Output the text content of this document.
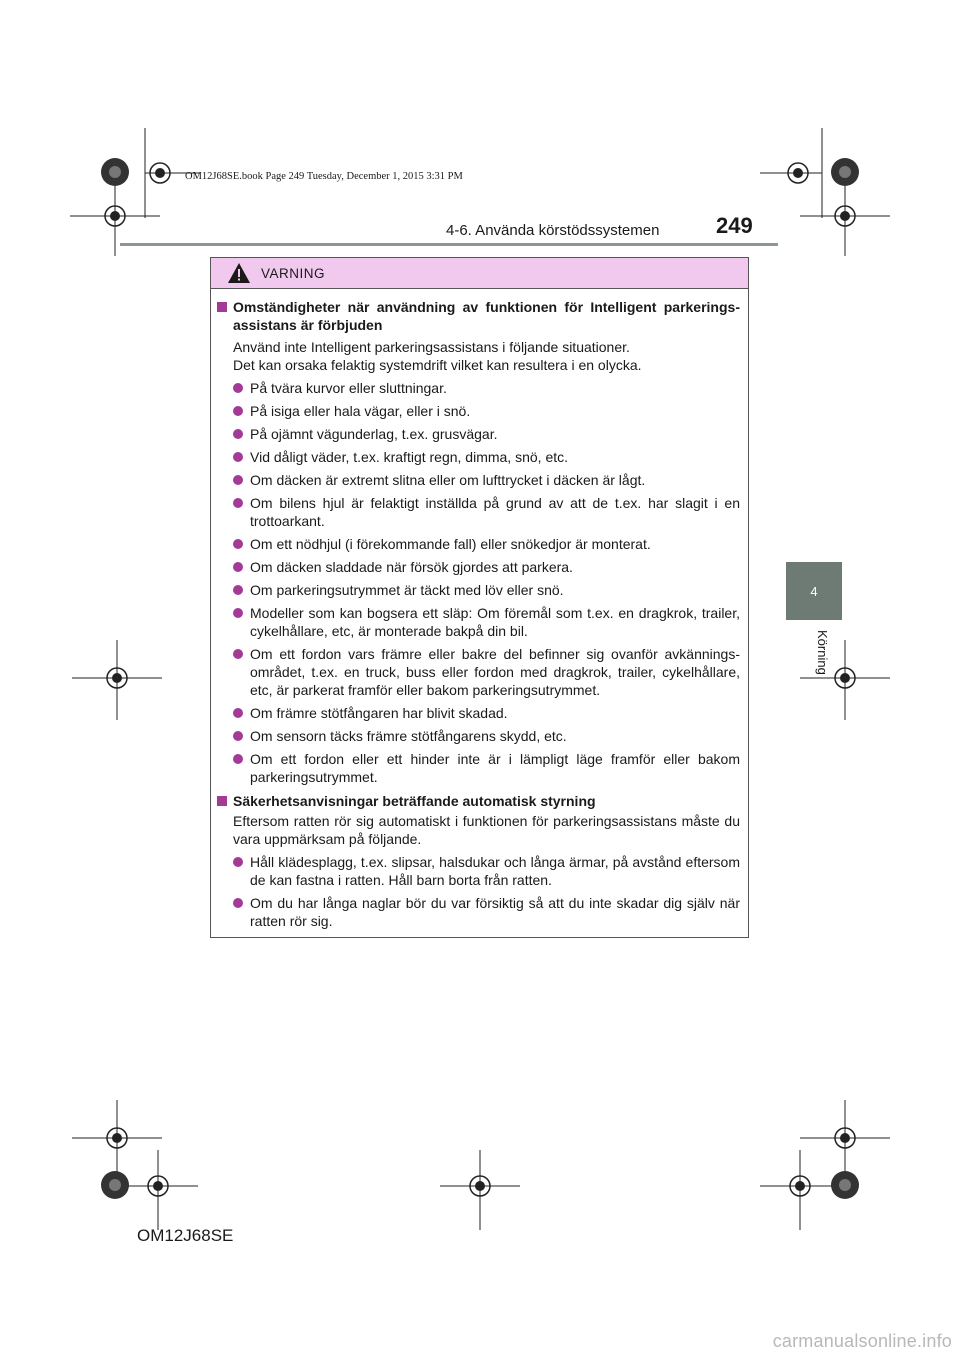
OM12J68SE.book Page 249 Tuesday, December 1, 2015 3:31 PM
4-6. Använda körstödssystemen	249
4
Körning
VARNING
Omständigheter när användning av funktionen för Intelligent parkeringsassistans är förbjuden
Använd inte Intelligent parkeringsassistans i följande situationer.
Det kan orsaka felaktig systemdrift vilket kan resultera i en olycka.
På tvära kurvor eller sluttningar.
På isiga eller hala vägar, eller i snö.
På ojämnt vägunderlag, t.ex. grusvägar.
Vid dåligt väder, t.ex. kraftigt regn, dimma, snö, etc.
Om däcken är extremt slitna eller om lufttrycket i däcken är lågt.
Om bilens hjul är felaktigt inställda på grund av att de t.ex. har slagit i en trottoarkant.
Om ett nödhjul (i förekommande fall) eller snökedjor är monterat.
Om däcken sladdade när försök gjordes att parkera.
Om parkeringsutrymmet är täckt med löv eller snö.
Modeller som kan bogsera ett släp: Om föremål som t.ex. en dragkrok, trailer, cykelhållare, etc, är monterade bakpå din bil.
Om ett fordon vars främre eller bakre del befinner sig ovanför avkänningsområdet, t.ex. en truck, buss eller fordon med dragkrok, trailer, cykelhållare, etc, är parkerat framför eller bakom parkeringsutrymmet.
Om främre stötfångaren har blivit skadad.
Om sensorn täcks främre stötfångarens skydd, etc.
Om ett fordon eller ett hinder inte är i lämpligt läge framför eller bakom parkeringsutrymmet.
Säkerhetsanvisningar beträffande automatisk styrning
Eftersom ratten rör sig automatiskt i funktionen för parkeringsassistans måste du vara uppmärksam på följande.
Håll klädesplagg, t.ex. slipsar, halsdukar och långa ärmar, på avstånd eftersom de kan fastna i ratten. Håll barn borta från ratten.
Om du har långa naglar bör du var försiktig så att du inte skadar dig själv när ratten rör sig.
OM12J68SE
carmanualsonline.info
